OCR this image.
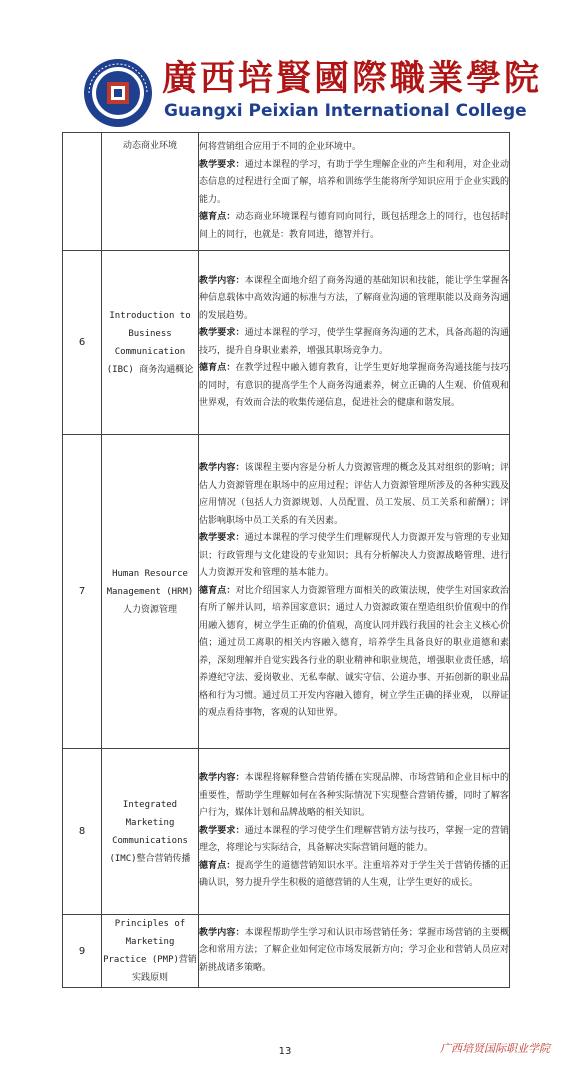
廣西培賢國際職業學院
Guangxi Peixian International College
	动态商业环境	何将营销组合应用于不同的企业环境中。

教学要求：通过本课程的学习，有助于学生理解企业的产生和利用，对企业动态信息的过程进行全面了解，培养和训练学生能将所学知识应用于企业实践的能力。

德育点：动态商业环境课程与德育同向同行，既包括理念上的同行，也包括时间上的同行，也就是：教育同进，德智并行。

6	Introduction to Business Communication (IBC) 商务沟通概论	教学内容：本课程全面地介绍了商务沟通的基础知识和技能，能让学生掌握各种信息载体中高效沟通的标准与方法，了解商业沟通的管理职能以及商务沟通的发展趋势。

教学要求：通过本课程的学习，使学生掌握商务沟通的艺术，具备高超的沟通技巧，提升自身职业素养，增强其职场竞争力。

德育点：在教学过程中融入德育教育，让学生更好地掌握商务沟通技能与技巧的同时，有意识的提高学生个人商务沟通素养，树立正确的人生观、价值观和世界观，有效而合法的收集传递信息，促进社会的健康和谐发展。

7	Human Resource Management (HRM) 人力资源管理	教学内容：该课程主要内容是分析人力资源管理的概念及其对组织的影响；评估人力资源管理在职场中的应用过程；评估人力资源管理所涉及的各种实践及应用情况（包括人力资源规划、人员配置、员工发展、员工关系和薪酬）；评估影响职场中员工关系的有关因素。

教学要求：通过本课程的学习使学生们理解现代人力资源开发与管理的专业知识；行政管理与文化建设的专业知识；具有分析解决人力资源战略管理、进行人力资源开发和管理的基本能力。

德育点：对比介绍国家人力资源管理方面相关的政策法规，使学生对国家政治有所了解并认同，培养国家意识；通过人力资源政策在塑造组织价值观中的作用融入德育，树立学生正确的价值观，高度认同并践行我国的社会主义核心价值；通过员工离职的相关内容融入德育，培养学生具备良好的职业道德和素养，深刻理解并自觉实践各行业的职业精神和职业规范，增强职业责任感，培养遵纪守法、爱岗敬业、无私奉献、诚实守信、公道办事、开拓创新的职业品格和行为习惯。通过员工开发内容融入德育，树立学生正确的择业观， 以辩证的观点看待事物，客观的认知世界。

8	Integrated Marketing Communications (IMC)整合营销传播	教学内容：本课程将解释整合营销传播在实现品牌、市场营销和企业目标中的重要性，帮助学生理解如何在各种实际情况下实现整合营销传播，同时了解客户行为，媒体计划和品牌战略的相关知识。

教学要求：通过本课程的学习使学生们理解营销方法与技巧，掌握一定的营销理念，将理论与实际结合，具备解决实际营销问题的能力。

德育点：提高学生的道德营销知识水平。注重培养对于学生关于营销传播的正确认识，努力提升学生积极的道德营销的人生观，让学生更好的成长。

9	Principles of Marketing Practice (PMP)营销实践原则	教学内容：本课程帮助学生学习和认识市场营销任务；掌握市场营销的主要概念和常用方法；了解企业如何定位市场发展新方向；学习企业和营销人员应对新挑战诸多策略。

13	广西培贤国际职业学院
